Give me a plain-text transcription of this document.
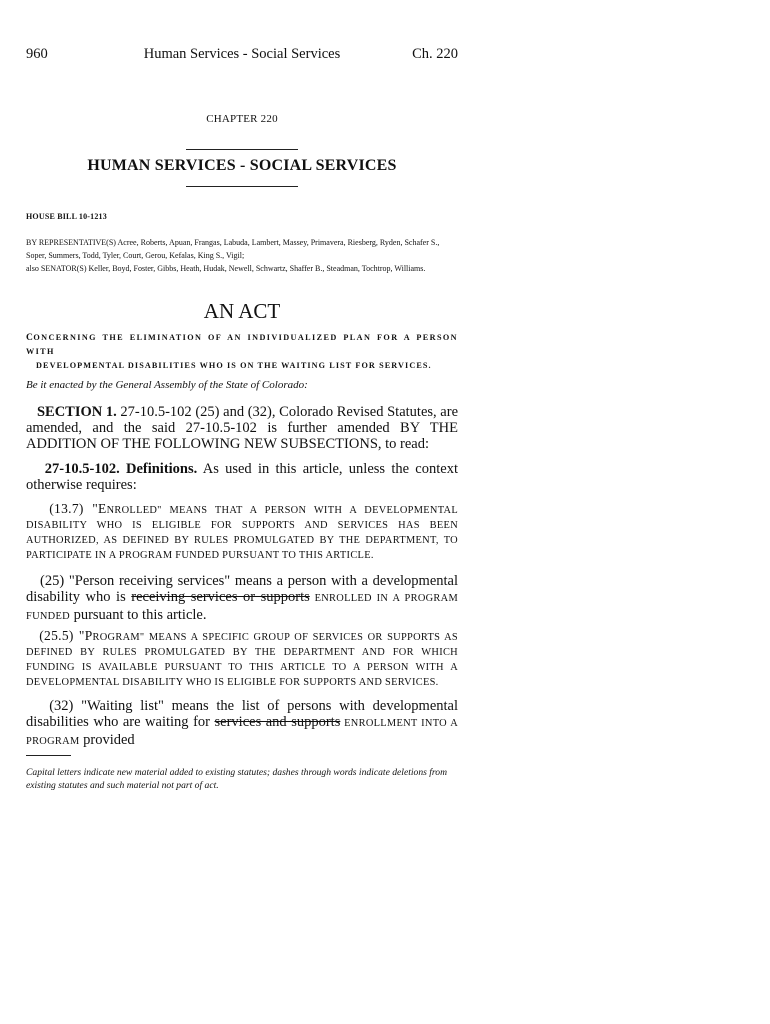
960	Human Services - Social Services	Ch. 220
CHAPTER 220
HUMAN SERVICES - SOCIAL SERVICES
HOUSE BILL 10-1213
BY REPRESENTATIVE(S) Acree, Roberts, Apuan, Frangas, Labuda, Lambert, Massey, Primavera, Riesberg, Ryden, Schafer S.,
Soper, Summers, Todd, Tyler, Court, Gerou, Kefalas, King S., Vigil;
also SENATOR(S) Keller, Boyd, Foster, Gibbs, Heath, Hudak, Newell, Schwartz, Shaffer B., Steadman, Tochtrop, Williams.
AN ACT
CONCERNING THE ELIMINATION OF AN INDIVIDUALIZED PLAN FOR A PERSON WITH
DEVELOPMENTAL DISABILITIES WHO IS ON THE WAITING LIST FOR SERVICES.
Be it enacted by the General Assembly of the State of Colorado:
SECTION 1. 27-10.5-102 (25) and (32), Colorado Revised Statutes, are amended, and the said 27-10.5-102 is further amended BY THE ADDITION OF THE FOLLOWING NEW SUBSECTIONS, to read:
27-10.5-102. Definitions. As used in this article, unless the context otherwise requires:
(13.7) "ENROLLED" MEANS THAT A PERSON WITH A DEVELOPMENTAL DISABILITY WHO IS ELIGIBLE FOR SUPPORTS AND SERVICES HAS BEEN AUTHORIZED, AS DEFINED BY RULES PROMULGATED BY THE DEPARTMENT, TO PARTICIPATE IN A PROGRAM FUNDED PURSUANT TO THIS ARTICLE.
(25) "Person receiving services" means a person with a developmental disability who is receiving services or supports ENROLLED IN A PROGRAM FUNDED pursuant to this article.
(25.5) "PROGRAM" MEANS A SPECIFIC GROUP OF SERVICES OR SUPPORTS AS DEFINED BY RULES PROMULGATED BY THE DEPARTMENT AND FOR WHICH FUNDING IS AVAILABLE PURSUANT TO THIS ARTICLE TO A PERSON WITH A DEVELOPMENTAL DISABILITY WHO IS ELIGIBLE FOR SUPPORTS AND SERVICES.
(32) "Waiting list" means the list of persons with developmental disabilities who are waiting for services and supports ENROLLMENT INTO A PROGRAM provided
Capital letters indicate new material added to existing statutes; dashes through words indicate deletions from existing statutes and such material not part of act.
